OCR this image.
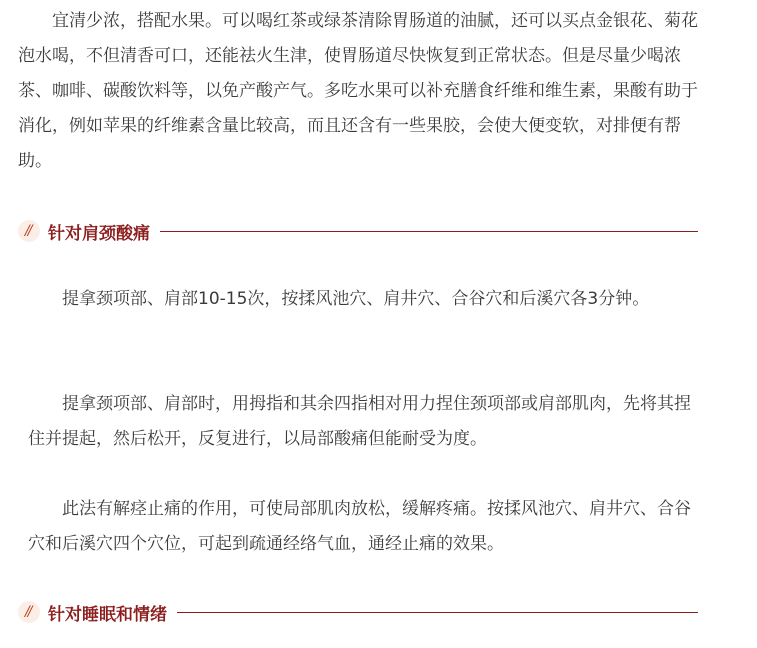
宜清少浓，搭配水果。可以喝红茶或绿茶清除胃肠道的油腻，还可以买点金银花、菊花泡水喝，不但清香可口，还能祛火生津，使胃肠道尽快恢复到正常状态。但是尽量少喝浓茶、咖啡、碳酸饮料等，以免产酸产气。多吃水果可以补充膳食纤维和维生素，果酸有助于消化，例如苹果的纤维素含量比较高，而且还含有一些果胶，会使大便变软，对排便有帮助。

// 针对肩颈酸痛

提拿颈项部、肩部10-15次，按揉风池穴、肩井穴、合谷穴和后溪穴各3分钟。

提拿颈项部、肩部时，用拇指和其余四指相对用力捏住颈项部或肩部肌肉，先将其捏住并提起，然后松开，反复进行，以局部酸痛但能耐受为度。

此法有解痉止痛的作用，可使局部肌肉放松，缓解疼痛。按揉风池穴、肩井穴、合谷穴和后溪穴四个穴位，可起到疏通经络气血，通经止痛的效果。

// 针对睡眠和情绪
